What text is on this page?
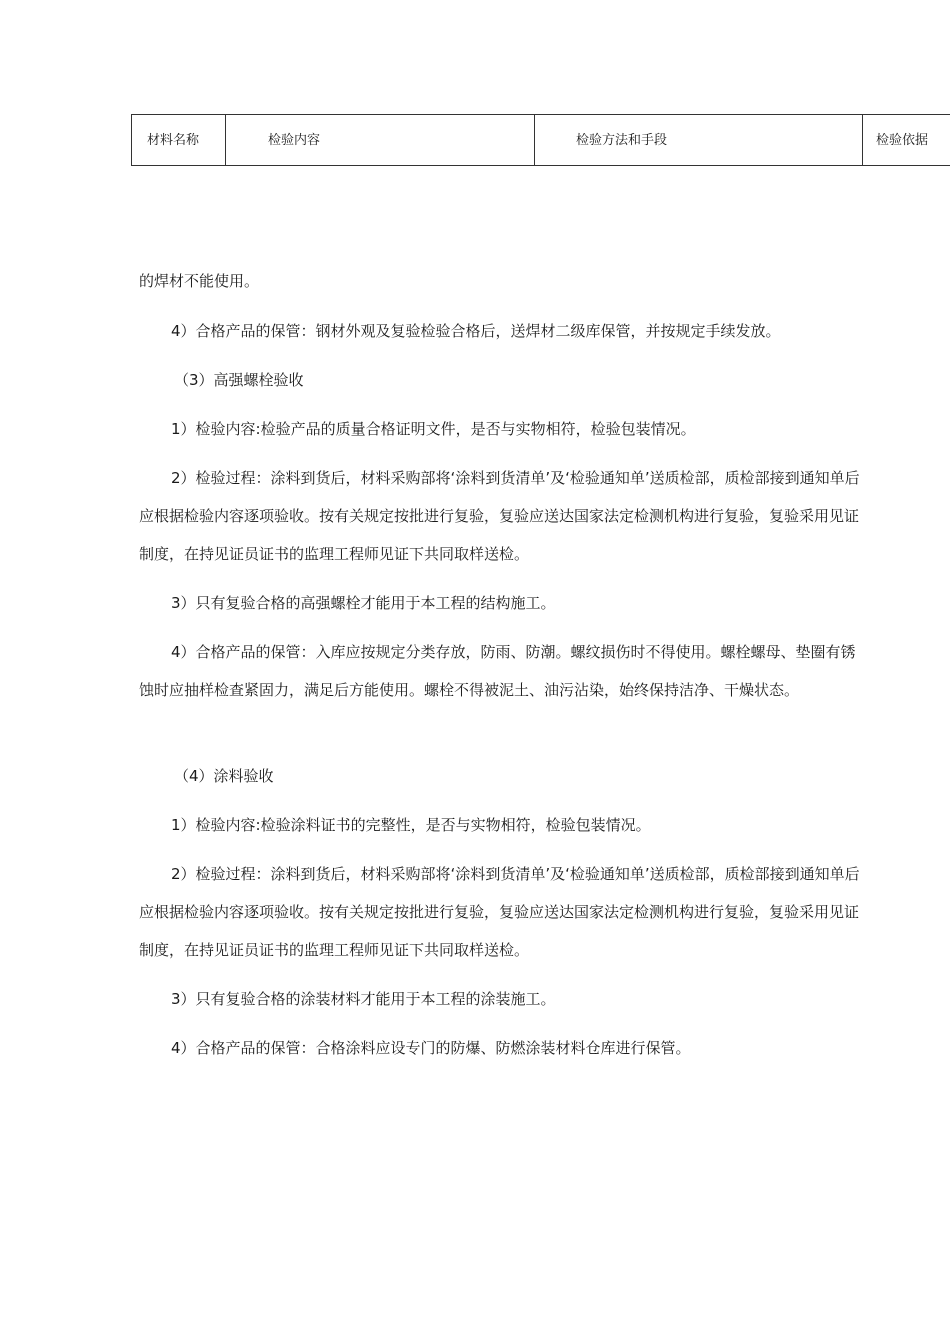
材料名称	检验内容	检验方法和手段	检验依据

的焊材不能使用。

4）合格产品的保管：钢材外观及复验检验合格后，送焊材二级库保管，并按规定手续发放。

（3）高强螺栓验收

1）检验内容:检验产品的质量合格证明文件，是否与实物相符，检验包装情况。

2）检验过程：涂料到货后，材料采购部将‘涂料到货清单’及‘检验通知单’送质检部，质检部接到通知单后应根据检验内容逐项验收。按有关规定按批进行复验，复验应送达国家法定检测机构进行复验，复验采用见证制度，在持见证员证书的监理工程师见证下共同取样送检。

3）只有复验合格的高强螺栓才能用于本工程的结构施工。

4）合格产品的保管：入库应按规定分类存放，防雨、防潮。螺纹损伤时不得使用。螺栓螺母、垫圈有锈蚀时应抽样检查紧固力，满足后方能使用。螺栓不得被泥土、油污沾染，始终保持洁净、干燥状态。

（4）涂料验收

1）检验内容:检验涂料证书的完整性，是否与实物相符，检验包装情况。

2）检验过程：涂料到货后，材料采购部将‘涂料到货清单’及‘检验通知单’送质检部，质检部接到通知单后应根据检验内容逐项验收。按有关规定按批进行复验，复验应送达国家法定检测机构进行复验，复验采用见证制度，在持见证员证书的监理工程师见证下共同取样送检。

3）只有复验合格的涂装材料才能用于本工程的涂装施工。

4）合格产品的保管：合格涂料应设专门的防爆、防燃涂装材料仓库进行保管。
